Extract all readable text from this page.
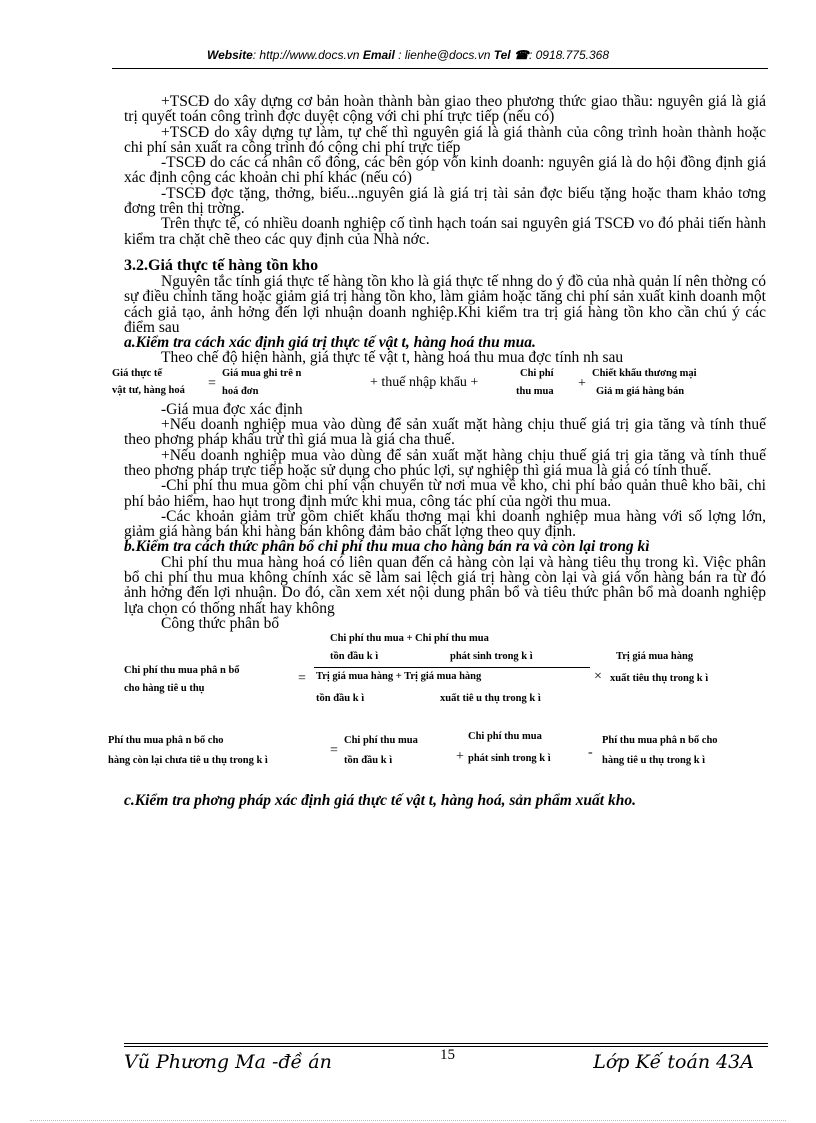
Website: http://www.docs.vn Email : lienhe@docs.vn Tel ☎: 0918.775.368

+TSCĐ do xây dựng cơ bản hoàn thành bàn giao theo phương thức giao thầu: nguyên giá là giá trị quyết toán công trình đợc duyệt cộng với chi phí trực tiếp (nếu có)

+TSCĐ do xây dựng tự làm, tự chế thì nguyên giá là giá thành của công trình hoàn thành hoặc chi phí sản xuất ra công trình đó cộng chi phí trực tiếp

-TSCĐ do các cá nhân cổ đông, các bên góp vốn kinh doanh: nguyên giá là do hội đồng định giá xác định cộng các khoản chi phí khác (nếu có)

-TSCĐ đợc tặng, thởng, biếu...nguyên giá là giá trị tài sản đợc biếu tặng hoặc tham khảo tơng đơng trên thị trờng.

Trên thực tế, có nhiều doanh nghiệp cố tình hạch toán sai nguyên giá TSCĐ vo đó phải tiến hành kiểm tra chặt chẽ theo các quy định của Nhà nớc.

3.2.Giá thực tế hàng tồn kho

Nguyên tắc tính giá thực tế hàng tồn kho là giá thực tế nhng do ý đồ của nhà quản lí nên thờng có sự điều chỉnh tăng hoặc giảm giá trị hàng tồn kho, làm giảm hoặc tăng chi phí sản xuất kinh doanh một cách giả tạo, ảnh hởng đến lợi nhuận doanh nghiệp.Khi kiểm tra trị giá hàng tồn kho cần chú ý các điểm sau

a.Kiểm tra cách xác định giá trị thực tế vật t, hàng hoá thu mua.

Theo chế độ hiện hành, giá thực tế vật t, hàng hoá thu mua đợc tính nh sau

Giá thực tế
vật tư, hàng hoá =
Giá mua ghi trê n
hoá đơn
+ thuế nhập khẩu +
Chi phí
thu mua
+
Chiết khấu thương mại
Giả m giá hàng bán

-Giá mua đợc xác định

+Nếu doanh nghiệp mua vào dùng để sản xuất mặt hàng chịu thuế giá trị gia tăng và tính thuế theo phơng pháp khấu trừ thì giá mua là giá cha thuế.

+Nếu doanh nghiệp mua vào dùng để sản xuất mặt hàng chịu thuế giá trị gia tăng và tính thuế theo phơng pháp trực tiếp hoặc sử dụng cho phúc lợi, sự nghiệp thì giá mua là giá có tính thuế.

-Chi phí thu mua gồm chi phí vận chuyển từ nơi mua về kho, chi phí bảo quản thuê kho bãi, chi phí bảo hiểm, hao hụt trong định mức khi mua, công tác phí của ngời thu mua.

-Các khoản giảm trừ gồm chiết khấu thơng mại khi doanh nghiệp mua hàng với số lợng lớn, giảm giá hàng bán khi hàng bán không đảm bảo chất lợng theo quy định.

b.Kiểm tra cách thức phân bổ chi phí thu mua cho hàng bán ra và còn lại trong kì

Chi phí thu mua hàng hoá có liên quan đến cả hàng còn lại và hàng tiêu thụ trong kì. Việc phân bổ chi phí thu mua không chính xác sẽ làm sai lệch giá trị hàng còn lại và giá vốn hàng bán ra từ đó ảnh hởng đến lợi nhuận. Do đó, cần xem xét nội dung phân bổ và tiêu thức phân bổ mà doanh nghiệp lựa chọn có thống nhất hay không

Công thức phân bổ

Chi phí thu mua phâ n bổ
cho hàng tiê u thụ
=
Chi phí thu mua + Chi phí thu mua
tồn đầu k ì	phát sinh trong k ì
Trị giá mua hàng + Trị giá mua hàng
tồn đầu k ì	xuất tiê u thụ trong k ì
×
Trị giá mua hàng
xuất tiêu thụ trong k ì
Phí thu mua phâ n bổ cho
hàng còn lại chưa tiê u thụ trong k ì
=
Chi phí thu mua
tồn đầu k ì	+
Chi phí thu mua
phát sinh trong k ì	-
Phí thu mua phâ n bổ cho
hàng tiê u thụ trong k ì
c.Kiểm tra phơng pháp xác định giá thực tế vật t, hàng hoá, sản phẩm xuất kho.
Vũ Phương Ma -đề án	15	Lớp Kế toán 43A
